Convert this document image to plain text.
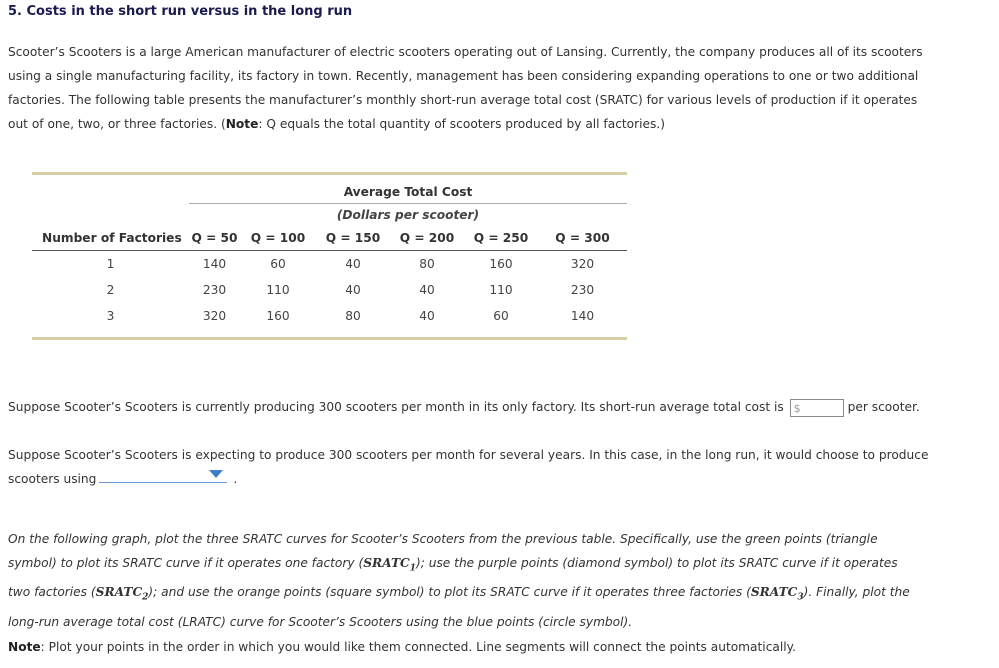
5. Costs in the short run versus in the long run
Scooter’s Scooters is a large American manufacturer of electric scooters operating out of Lansing. Currently, the company produces all of its scooters
using a single manufacturing facility, its factory in town. Recently, management has been considering expanding operations to one or two additional
factories. The following table presents the manufacturer’s monthly short-run average total cost (SRATC) for various levels of production if it operates
out of one, two, or three factories. (Note: Q equals the total quantity of scooters produced by all factories.)

	Average Total Cost					
	(Dollars per scooter)					
Number of Factories	Q = 50	Q = 100	Q = 150	Q = 200	Q = 250	Q = 300
1	140	60	40	80	160	320
2	230	110	40	40	110	230
3	320	160	80	40	60	140

Suppose Scooter’s Scooters is currently producing 300 scooters per month in its only factory. Its short-run average total cost is $	per scooter.
Suppose Scooter’s Scooters is expecting to produce 300 scooters per month for several years. In this case, in the long run, it would choose to produce
scooters using	.
On the following graph, plot the three SRATC curves for Scooter’s Scooters from the previous table. Specifically, use the green points (triangle
symbol) to plot its SRATC curve if it operates one factory $(SRATC_1)$; use the purple points (diamond symbol) to plot its SRATC curve if it operates
two factories $(SRATC_2)$; and use the orange points (square symbol) to plot its SRATC curve if it operates three factories $(SRATC_3)$. Finally, plot the
long-run average total cost (LRATC) curve for Scooter’s Scooters using the blue points (circle symbol).
Note: Plot your points in the order in which you would like them connected. Line segments will connect the points automatically.
